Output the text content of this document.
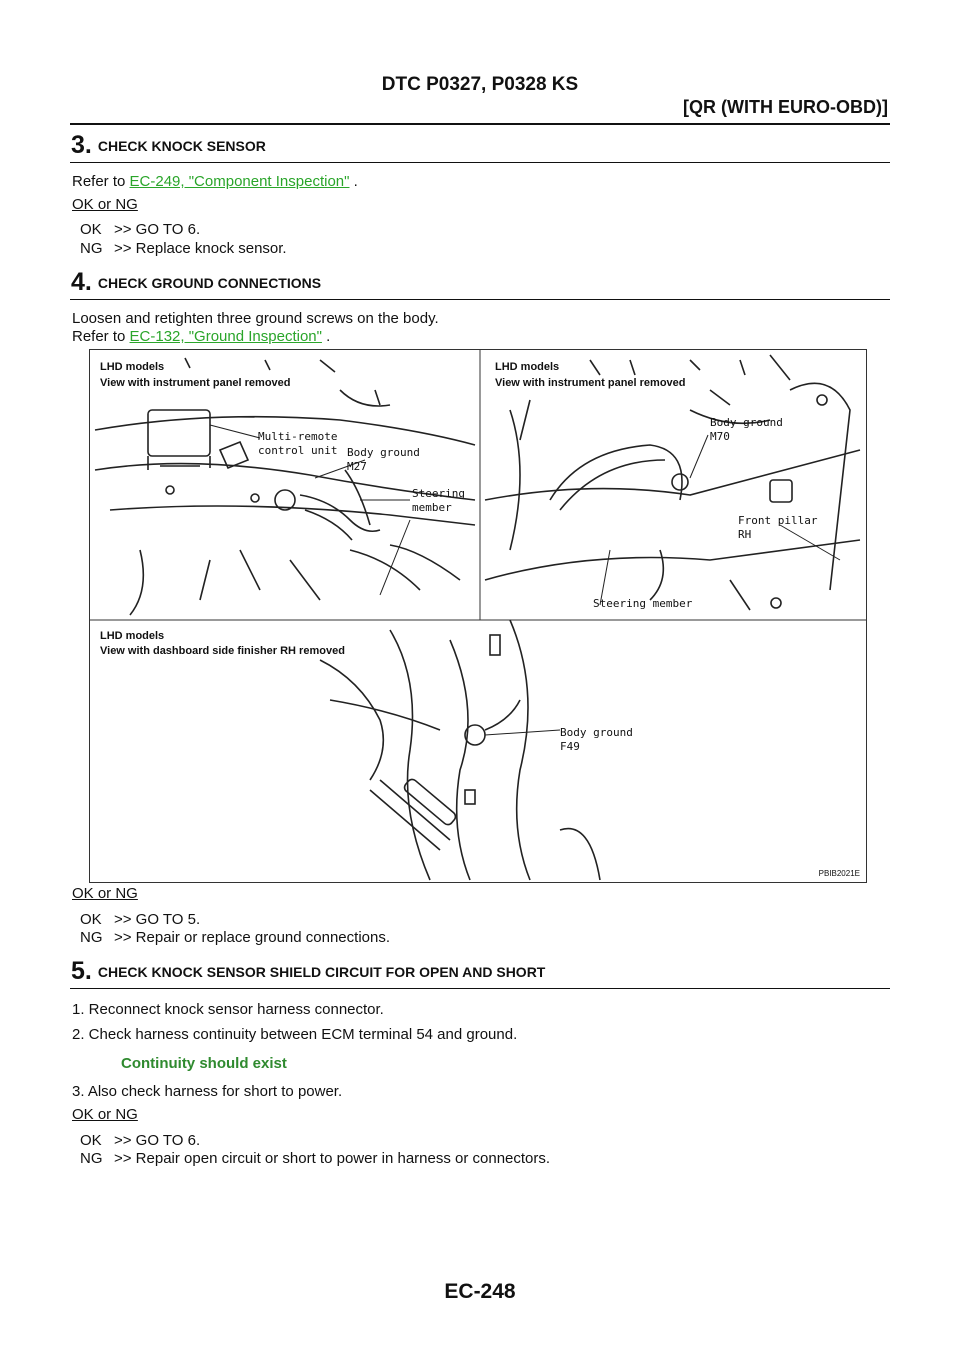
DTC P0327, P0328 KS
[QR (WITH EURO-OBD)]
3. CHECK KNOCK SENSOR
Refer to EC-249, "Component Inspection" .
OK or NG
OK >> GO TO 6.
NG >> Replace knock sensor.
4. CHECK GROUND CONNECTIONS
Loosen and retighten three ground screws on the body.
Refer to EC-132, "Ground Inspection" .
LHD models
View with instrument panel removed
Multi-remote
control unit Body ground
M27
Steering
member
LHD models
View with instrument panel removed
Body ground
M70
Front pillar
RH
Steering member
LHD models
View with dashboard side finisher RH removed
Body ground
F49
PBIB2021E
OK or NG
OK >> GO TO 5.
NG >> Repair or replace ground connections.
5. CHECK KNOCK SENSOR SHIELD CIRCUIT FOR OPEN AND SHORT
1. Reconnect knock sensor harness connector.
2. Check harness continuity between ECM terminal 54 and ground.
Continuity should exist
3. Also check harness for short to power.
OK or NG
OK >> GO TO 6.
NG >> Repair open circuit or short to power in harness or connectors.
EC-248
